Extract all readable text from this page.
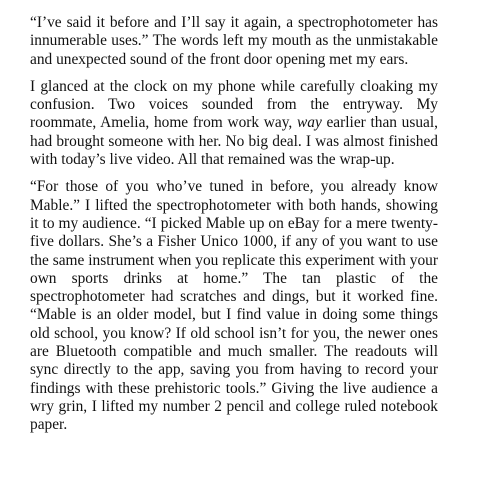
“I’ve said it before and I’ll say it again, a spectrophotometer has innumerable uses.” The words left my mouth as the unmistakable and unexpected sound of the front door opening met my ears.

I glanced at the clock on my phone while carefully cloaking my confusion. Two voices sounded from the entryway. My roommate, Amelia, home from work way, way earlier than usual, had brought someone with her. No big deal. I was almost finished with today’s live video. All that remained was the wrap-up.

“For those of you who’ve tuned in before, you already know Mable.” I lifted the spectrophotometer with both hands, showing it to my audience. “I picked Mable up on eBay for a mere twenty-five dollars. She’s a Fisher Unico 1000, if any of you want to use the same instrument when you replicate this experiment with your own sports drinks at home.” The tan plastic of the spectrophotometer had scratches and dings, but it worked fine. “Mable is an older model, but I find value in doing some things old school, you know? If old school isn’t for you, the newer ones are Bluetooth compatible and much smaller. The readouts will sync directly to the app, saving you from having to record your findings with these prehistoric tools.” Giving the live audience a wry grin, I lifted my number 2 pencil and college ruled notebook paper.
